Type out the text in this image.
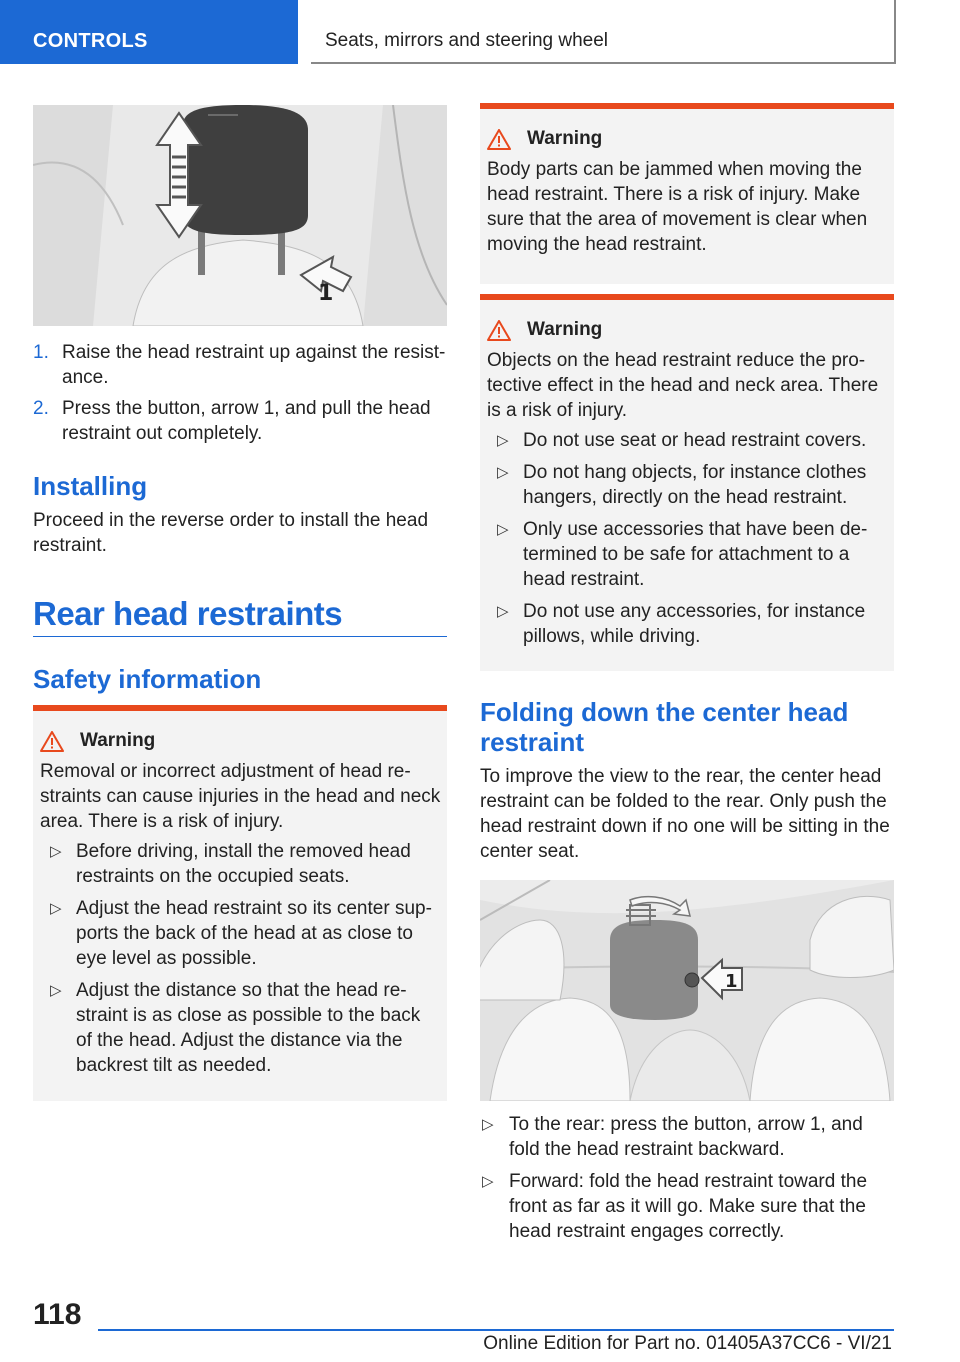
CONTROLS	Seats, mirrors and steering wheel
1
1. Raise the head restraint up against the resist-
ance.
2. Press the button, arrow 1, and pull the head
restraint out completely.
Installing

Proceed in the reverse order to install the head restraint.

Rear head restraints
Safety information
Warning
Removal or incorrect adjustment of head re-straints can cause injuries in the head and neck area. There is a risk of injury.
▷ Before driving, install the removed head restraints on the occupied seats.
▷ Adjust the head restraint so its center sup-ports the back of the head at as close to eye level as possible.
▷ Adjust the distance so that the head re-straint is as close as possible to the back of the head. Adjust the distance via the backrest tilt as needed.
Warning
Body parts can be jammed when moving the head restraint. There is a risk of injury. Make sure that the area of movement is clear when moving the head restraint.
Warning
Objects on the head restraint reduce the pro-tective effect in the head and neck area. There is a risk of injury.
▷ Do not use seat or head restraint covers.
▷ Do not hang objects, for instance clothes hangers, directly on the head restraint.
▷ Only use accessories that have been de-termined to be safe for attachment to a head restraint.
▷ Do not use any accessories, for instance pillows, while driving.
Folding down the center head restraint

To improve the view to the rear, the center head restraint can be folded to the rear. Only push the head restraint down if no one will be sitting in the center seat.

1
▷ To the rear: press the button, arrow 1, and fold the head restraint backward.
▷ Forward: fold the head restraint toward the front as far as it will go. Make sure that the head restraint engages correctly.
118
Online Edition for Part no. 01405A37CC6 - VI/21
